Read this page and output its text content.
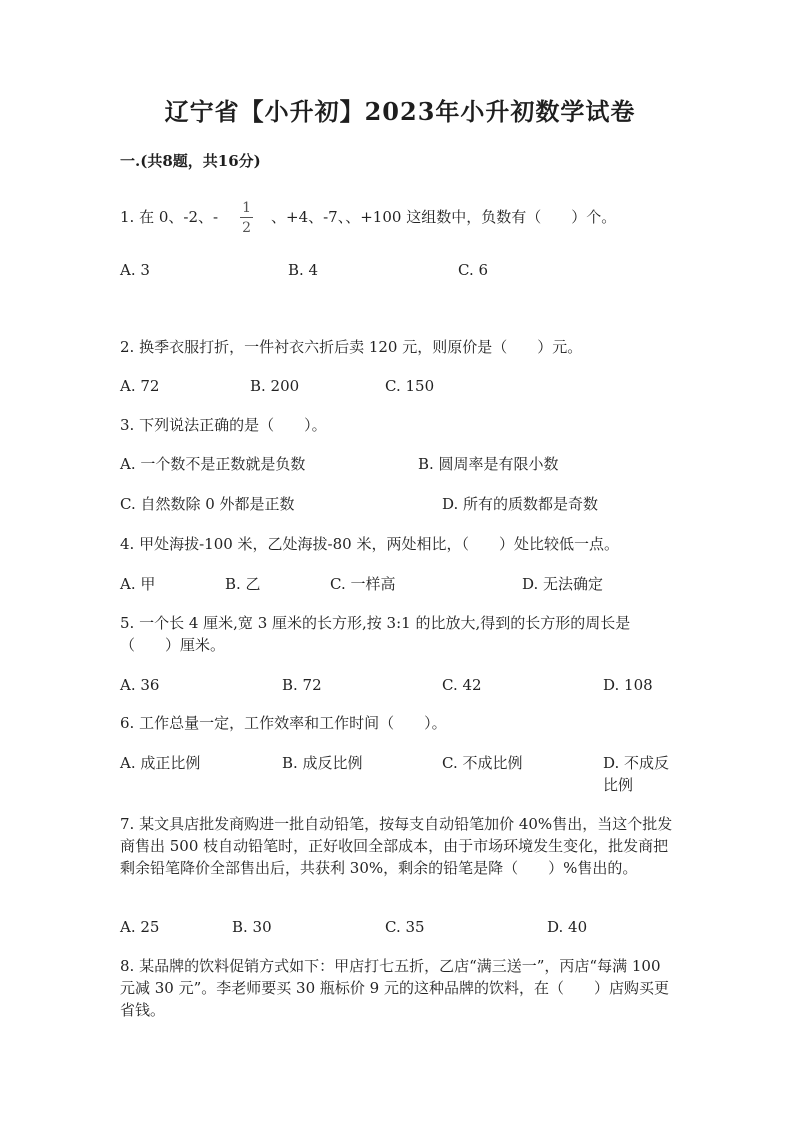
辽宁省【小升初】2023年小升初数学试卷
一.(共8题，共16分)
1. 在 0、-2、- $\frac{1}{2}$ 、+4、-7、、+100 这组数中，负数有（　　）个。
A. 3	B. 4	C. 6
2. 换季衣服打折，一件衬衣六折后卖 120 元，则原价是（　　）元。
A. 72	B. 200	C. 150
3. 下列说法正确的是（　　）。
A. 一个数不是正数就是负数	B. 圆周率是有限小数
C. 自然数除 0 外都是正数	D. 所有的质数都是奇数
4. 甲处海拔-100 米，乙处海拔-80 米，两处相比，（　　）处比较低一点。
A. 甲	B. 乙	C. 一样高	D. 无法确定
5. 一个长 4 厘米,宽 3 厘米的长方形,按 3:1 的比放大,得到的长方形的周长是（　　）厘米。
A. 36	B. 72	C. 42	D. 108
6. 工作总量一定，工作效率和工作时间（　　）。
A. 成正比例	B. 成反比例	C. 不成比例	D. 不成反比例
7. 某文具店批发商购进一批自动铅笔，按每支自动铅笔加价 40%售出，当这个批发商售出 500 枝自动铅笔时，正好收回全部成本，由于市场环境发生变化，批发商把剩余铅笔降价全部售出后，共获利 30%，剩余的铅笔是降（　　）%售出的。
A. 25	B. 30	C. 35	D. 40
8. 某品牌的饮料促销方式如下：甲店打七五折，乙店“满三送一”，丙店“每满 100 元减 30 元”。李老师要买 30 瓶标价 9 元的这种品牌的饮料，在（　　）店购买更省钱。
